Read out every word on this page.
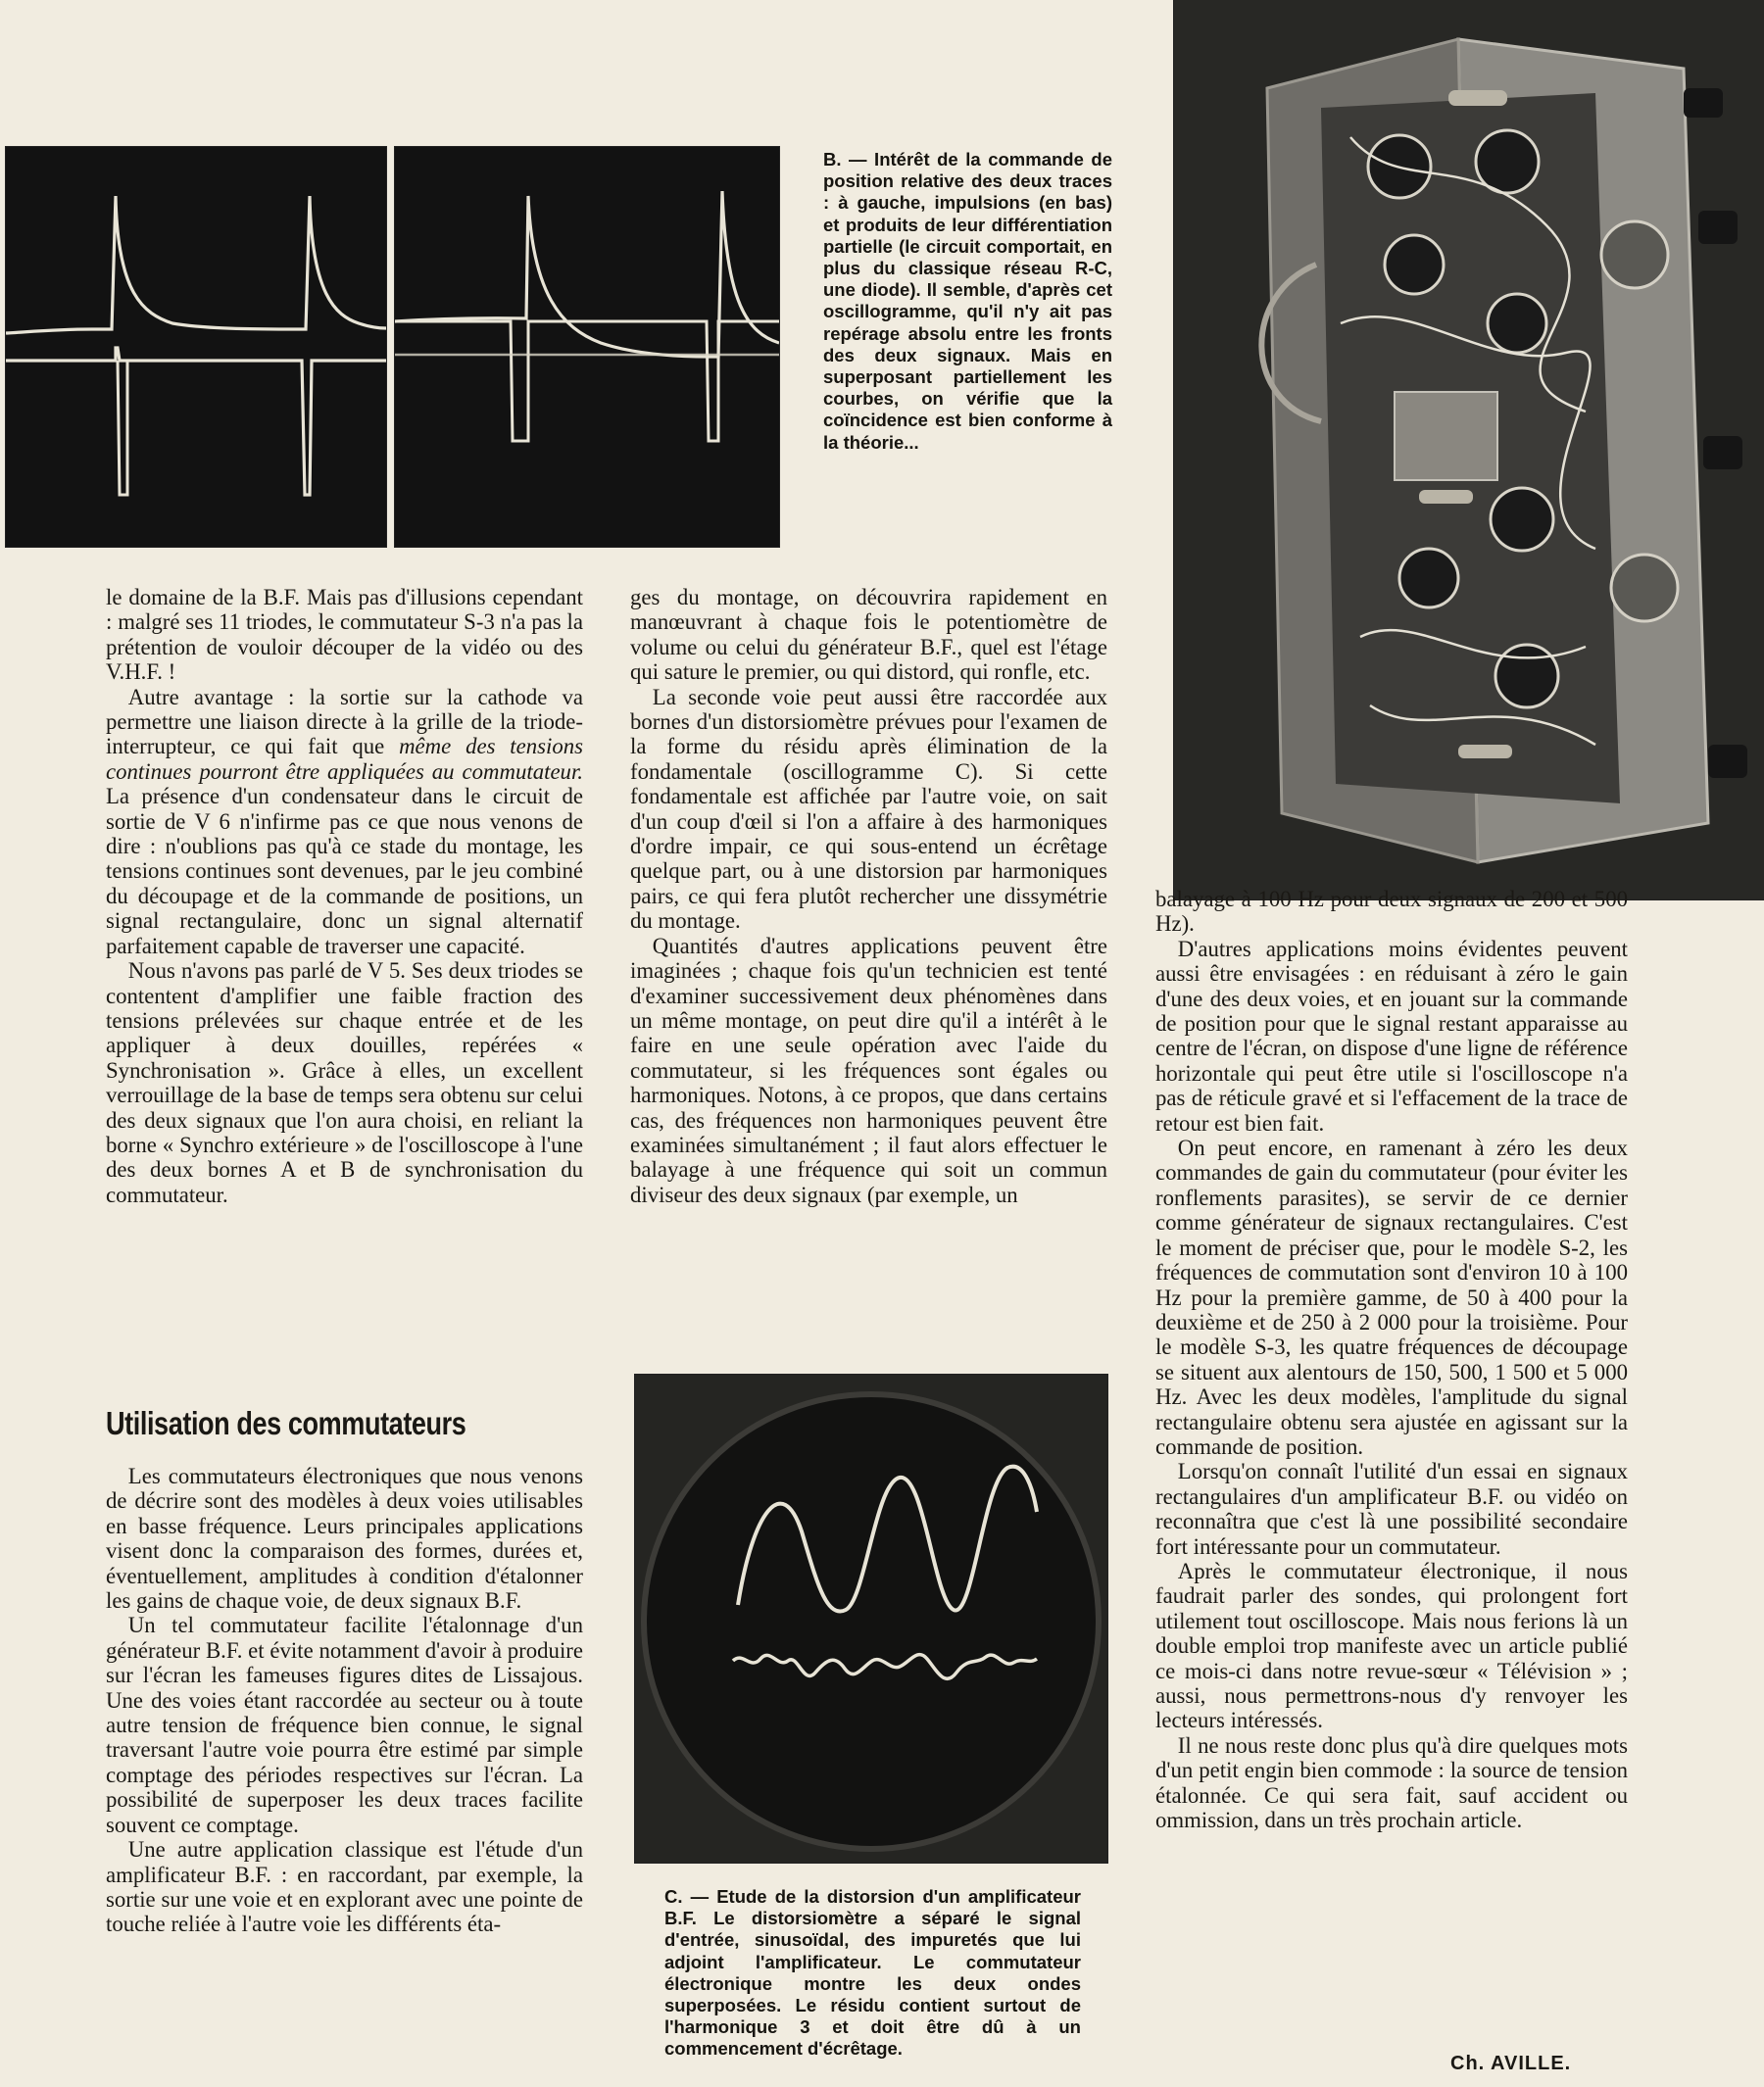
B. — Intérêt de la commande de position relative des deux traces : à gauche, impulsions (en bas) et produits de leur différentiation partielle (le circuit comportait, en plus du classique réseau R-C, une diode). Il semble, d'après cet oscillogramme, qu'il n'y ait pas repérage absolu entre les fronts des deux signaux. Mais en superposant partiellement les courbes, on vérifie que la coïncidence est bien conforme à la théorie...

le domaine de la B.F. Mais pas d'illusions cependant : malgré ses 11 triodes, le commutateur S-3 n'a pas la prétention de vouloir découper de la vidéo ou des V.H.F. !

Autre avantage : la sortie sur la cathode va permettre une liaison directe à la grille de la triode-interrupteur, ce qui fait que même des tensions continues pourront être appliquées au commutateur. La présence d'un condensateur dans le circuit de sortie de V 6 n'infirme pas ce que nous venons de dire : n'oublions pas qu'à ce stade du montage, les tensions continues sont devenues, par le jeu combiné du découpage et de la commande de positions, un signal rectangulaire, donc un signal alternatif parfaitement capable de traverser une capacité.

Nous n'avons pas parlé de V 5. Ses deux triodes se contentent d'amplifier une faible fraction des tensions prélevées sur chaque entrée et de les appliquer à deux douilles, repérées « Synchronisation ». Grâce à elles, un excellent verrouillage de la base de temps sera obtenu sur celui des deux signaux que l'on aura choisi, en reliant la borne « Synchro extérieure » de l'oscilloscope à l'une des deux bornes A et B de synchronisation du commutateur.

Utilisation des commutateurs

Les commutateurs électroniques que nous venons de décrire sont des modèles à deux voies utilisables en basse fréquence. Leurs principales applications visent donc la comparaison des formes, durées et, éventuellement, amplitudes à condition d'étalonner les gains de chaque voie, de deux signaux B.F.

Un tel commutateur facilite l'étalonnage d'un générateur B.F. et évite notamment d'avoir à produire sur l'écran les fameuses figures dites de Lissajous. Une des voies étant raccordée au secteur ou à toute autre tension de fréquence bien connue, le signal traversant l'autre voie pourra être estimé par simple comptage des périodes respectives sur l'écran. La possibilité de superposer les deux traces facilite souvent ce comptage.

Une autre application classique est l'étude d'un amplificateur B.F. : en raccordant, par exemple, la sortie sur une voie et en explorant avec une pointe de touche reliée à l'autre voie les différents éta-

ges du montage, on découvrira rapidement en manœuvrant à chaque fois le potentiomètre de volume ou celui du générateur B.F., quel est l'étage qui sature le premier, ou qui distord, qui ronfle, etc.

La seconde voie peut aussi être raccordée aux bornes d'un distorsiomètre prévues pour l'examen de la forme du résidu après élimination de la fondamentale (oscillogramme C). Si cette fondamentale est affichée par l'autre voie, on sait d'un coup d'œil si l'on a affaire à des harmoniques d'ordre impair, ce qui sous-entend un écrêtage quelque part, ou à une distorsion par harmoniques pairs, ce qui fera plutôt rechercher une dissymétrie du montage.

Quantités d'autres applications peuvent être imaginées ; chaque fois qu'un technicien est tenté d'examiner successivement deux phénomènes dans un même montage, on peut dire qu'il a intérêt à le faire en une seule opération avec l'aide du commutateur, si les fréquences sont égales ou harmoniques. Notons, à ce propos, que dans certains cas, des fréquences non harmoniques peuvent être examinées simultanément ; il faut alors effectuer le balayage à une fréquence qui soit un commun diviseur des deux signaux (par exemple, un

C. — Etude de la distorsion d'un amplificateur B.F. Le distorsiomètre a séparé le signal d'entrée, sinusoïdal, des impuretés que lui adjoint l'amplificateur. Le commutateur électronique montre les deux ondes superposées. Le résidu contient surtout de l'harmonique 3 et doit être dû à un commencement d'écrêtage.

balayage à 100 Hz pour deux signaux de 200 et 500 Hz).

D'autres applications moins évidentes peuvent aussi être envisagées : en réduisant à zéro le gain d'une des deux voies, et en jouant sur la commande de position pour que le signal restant apparaisse au centre de l'écran, on dispose d'une ligne de référence horizontale qui peut être utile si l'oscilloscope n'a pas de réticule gravé et si l'effacement de la trace de retour est bien fait.

On peut encore, en ramenant à zéro les deux commandes de gain du commutateur (pour éviter les ronflements parasites), se servir de ce dernier comme générateur de signaux rectangulaires. C'est le moment de préciser que, pour le modèle S-2, les fréquences de commutation sont d'environ 10 à 100 Hz pour la première gamme, de 50 à 400 pour la deuxième et de 250 à 2 000 pour la troisième. Pour le modèle S-3, les quatre fréquences de découpage se situent aux alentours de 150, 500, 1 500 et 5 000 Hz. Avec les deux modèles, l'amplitude du signal rectangulaire obtenu sera ajustée en agissant sur la commande de position.

Lorsqu'on connaît l'utilité d'un essai en signaux rectangulaires d'un amplificateur B.F. ou vidéo on reconnaîtra que c'est là une possibilité secondaire fort intéressante pour un commutateur.

Après le commutateur électronique, il nous faudrait parler des sondes, qui prolongent fort utilement tout oscilloscope. Mais nous ferions là un double emploi trop manifeste avec un article publié ce mois-ci dans notre revue-sœur « Télévision » ; aussi, nous permettrons-nous d'y renvoyer les lecteurs intéressés.

Il ne nous reste donc plus qu'à dire quelques mots d'un petit engin bien commode : la source de tension étalonnée. Ce qui sera fait, sauf accident ou ommission, dans un très prochain article.

Ch. AVILLE.
